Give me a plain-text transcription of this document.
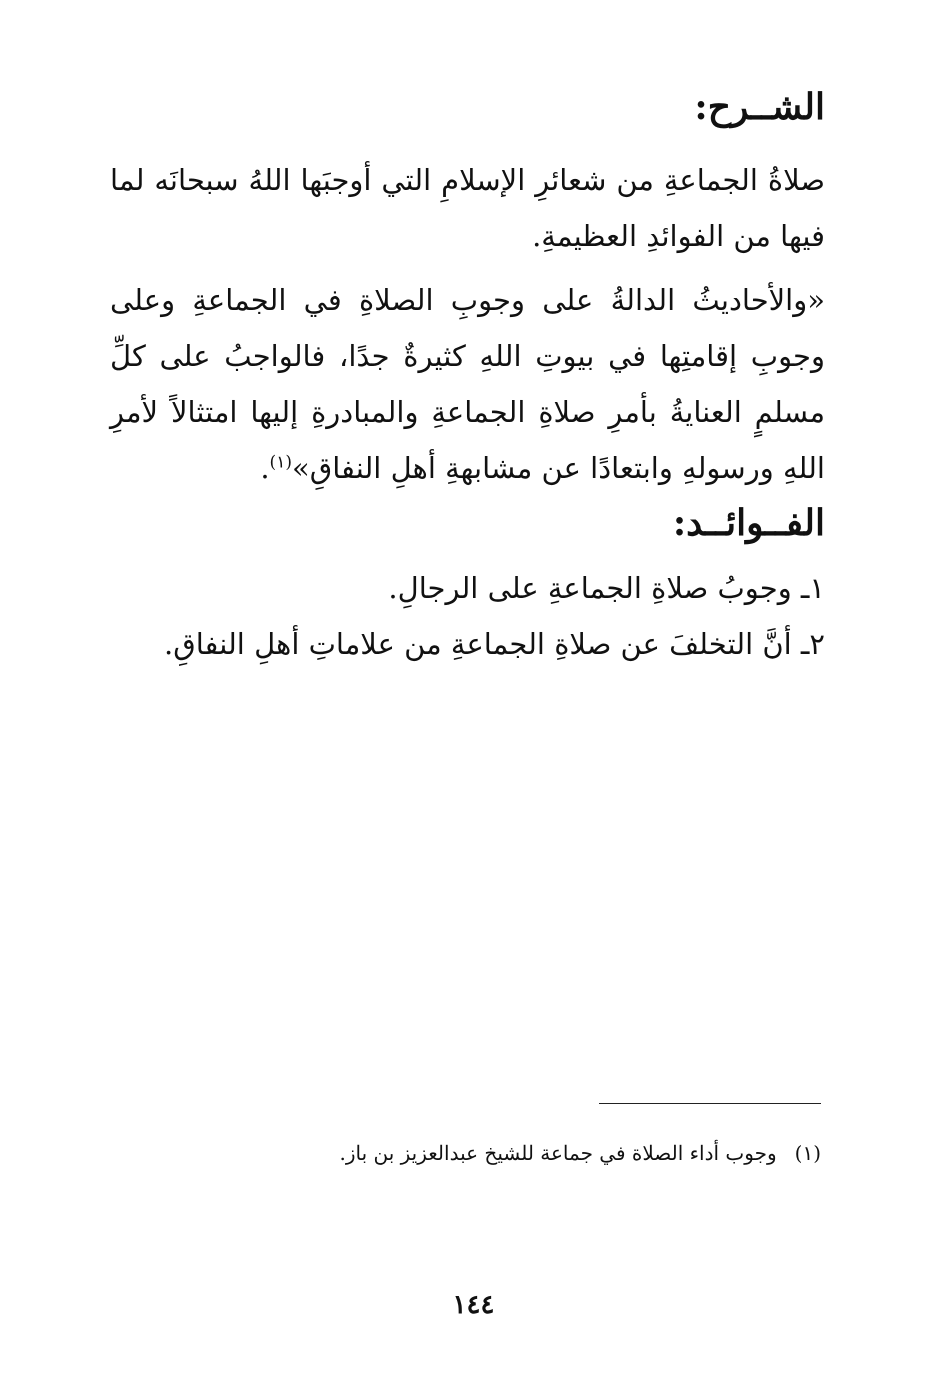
الشــرح:

صلاةُ الجماعةِ من شعائرِ الإسلامِ التي أوجبَها اللهُ سبحانَه لما فيها من الفوائدِ العظيمةِ.

«والأحاديثُ الدالةُ على وجوبِ الصلاةِ في الجماعةِ وعلى وجوبِ إقامتِها في بيوتِ اللهِ كثيرةٌ جدًا، فالواجبُ على كلِّ مسلمٍ العنايةُ بأمرِ صلاةِ الجماعةِ والمبادرةِ إليها امتثالاً لأمرِ اللهِ ورسولهِ وابتعادًا عن مشابهةِ أهلِ النفاقِ»$^{(١)}$.

الفــوائــد:
١ـ وجوبُ صلاةِ الجماعةِ على الرجالِ.
٢ـ أنَّ التخلفَ عن صلاةِ الجماعةِ من علاماتِ أهلِ النفاقِ.
(١)وجوب أداء الصلاة في جماعة للشيخ عبدالعزيز بن باز.
١٤٤
